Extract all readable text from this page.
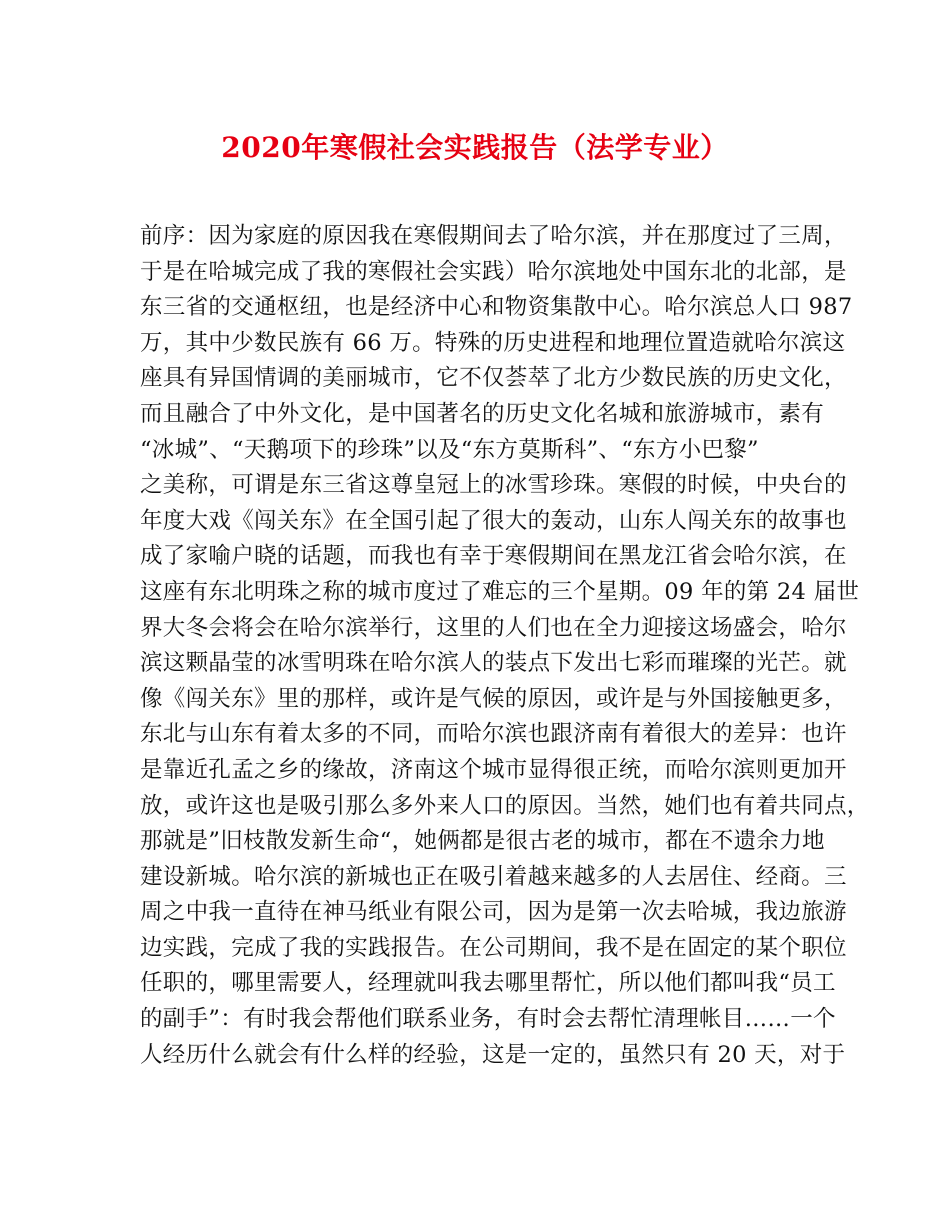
2020年寒假社会实践报告（法学专业）
前序：因为家庭的原因我在寒假期间去了哈尔滨，并在那度过了三周，
于是在哈城完成了我的寒假社会实践）哈尔滨地处中国东北的北部，是
东三省的交通枢纽，也是经济中心和物资集散中心。哈尔滨总人口 987
万，其中少数民族有 66 万。特殊的历史进程和地理位置造就哈尔滨这
座具有异国情调的美丽城市，它不仅荟萃了北方少数民族的历史文化，
而且融合了中外文化，是中国著名的历史文化名城和旅游城市，素有
“冰城”、“天鹅项下的珍珠”以及“东方莫斯科”、“东方小巴黎”
之美称，可谓是东三省这尊皇冠上的冰雪珍珠。寒假的时候，中央台的
年度大戏《闯关东》在全国引起了很大的轰动，山东人闯关东的故事也
成了家喻户晓的话题，而我也有幸于寒假期间在黑龙江省会哈尔滨，在
这座有东北明珠之称的城市度过了难忘的三个星期。09 年的第 24 届世
界大冬会将会在哈尔滨举行，这里的人们也在全力迎接这场盛会，哈尔
滨这颗晶莹的冰雪明珠在哈尔滨人的装点下发出七彩而璀璨的光芒。就
像《闯关东》里的那样，或许是气候的原因，或许是与外国接触更多，
东北与山东有着太多的不同，而哈尔滨也跟济南有着很大的差异：也许
是靠近孔孟之乡的缘故，济南这个城市显得很正统，而哈尔滨则更加开
放，或许这也是吸引那么多外来人口的原因。当然，她们也有着共同点，
那就是”旧枝散发新生命“，她俩都是很古老的城市，都在不遗余力地
建设新城。哈尔滨的新城也正在吸引着越来越多的人去居住、经商。三
周之中我一直待在神马纸业有限公司，因为是第一次去哈城，我边旅游
边实践，完成了我的实践报告。在公司期间，我不是在固定的某个职位
任职的，哪里需要人，经理就叫我去哪里帮忙，所以他们都叫我“员工
的副手”：有时我会帮他们联系业务，有时会去帮忙清理帐目……一个
人经历什么就会有什么样的经验，这是一定的，虽然只有 20 天，对于
